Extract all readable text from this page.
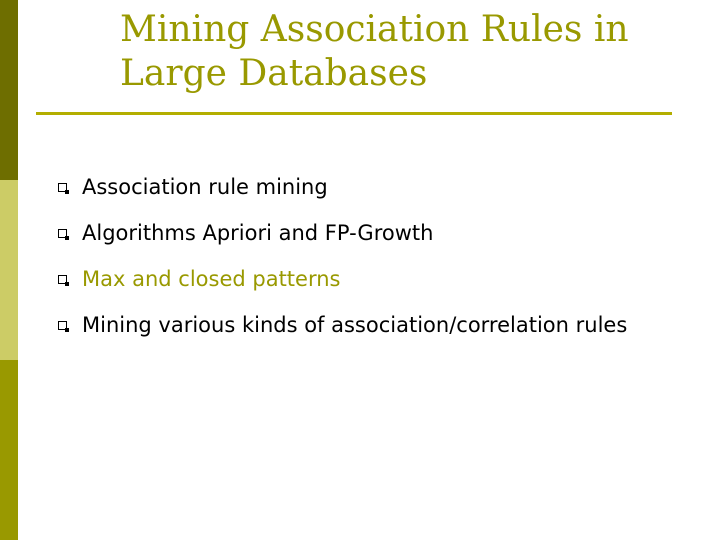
Mining Association Rules in Large Databases
Association rule mining
Algorithms Apriori and FP-Growth
Max and closed patterns
Mining various kinds of association/correlation rules
